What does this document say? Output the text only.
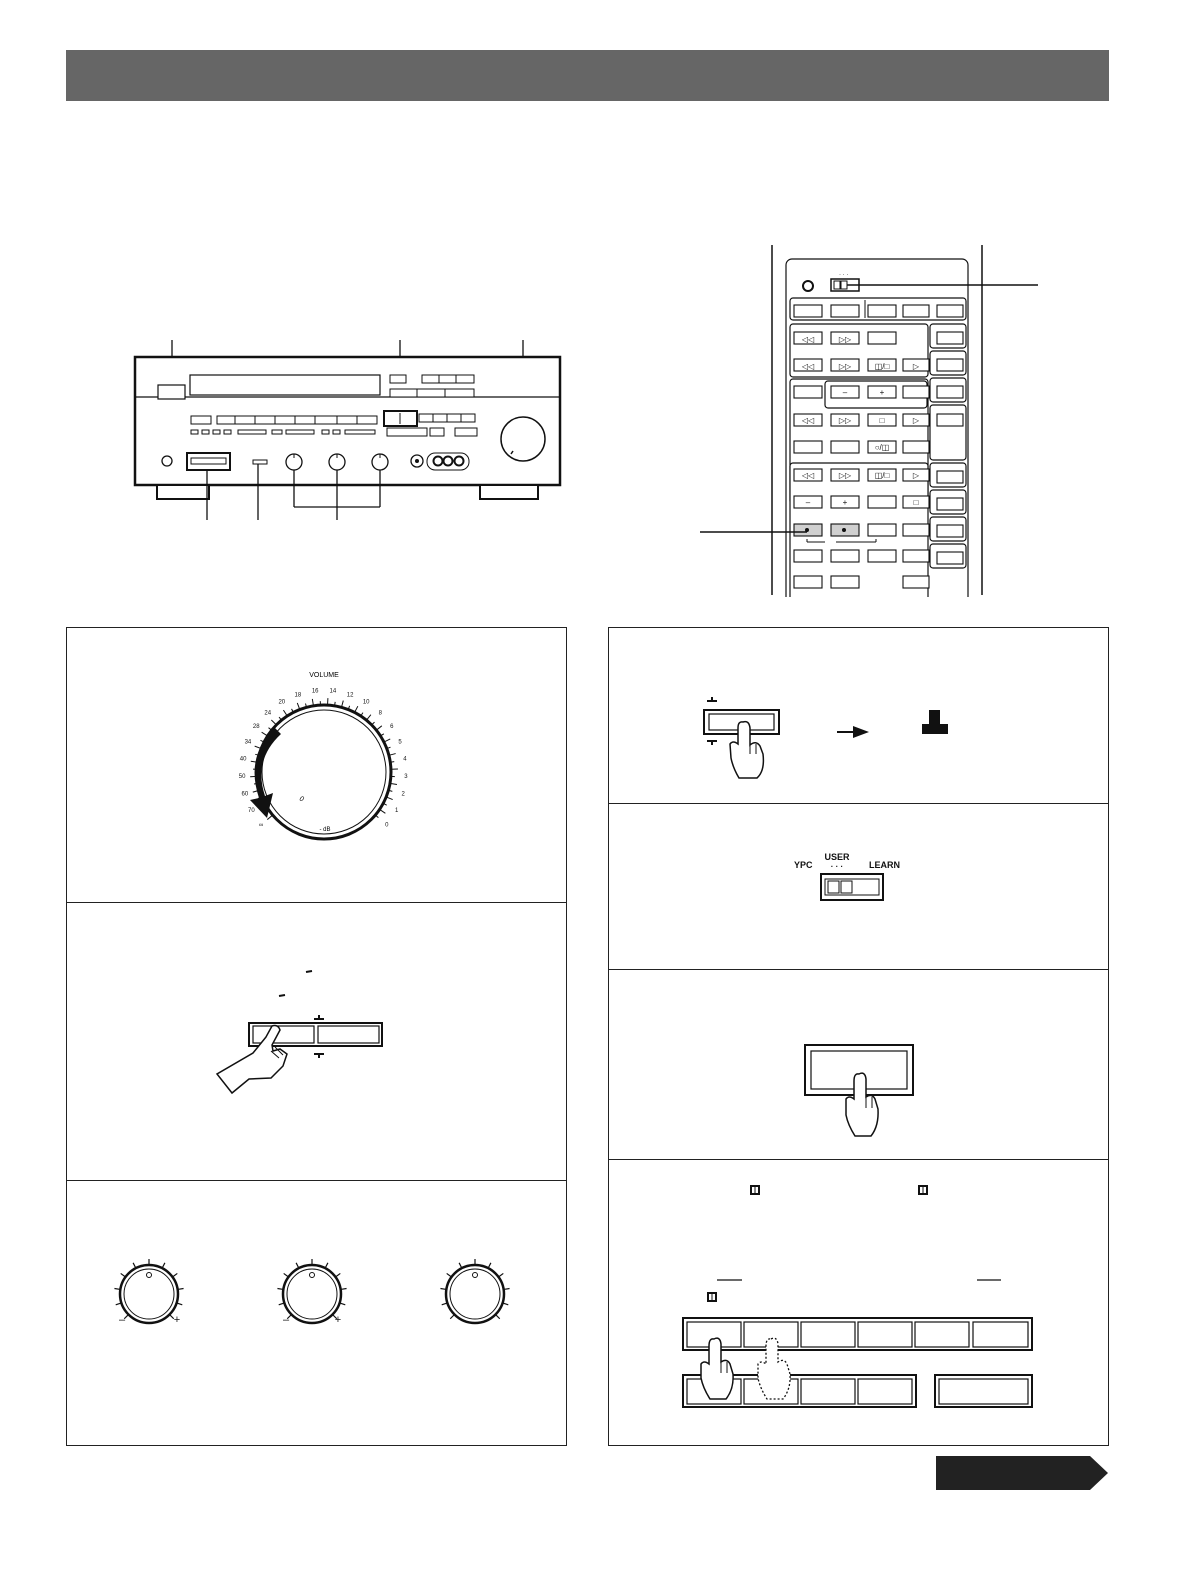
· · ·
◁◁	▷▷
◁◁	▷▷	◫/□	▷
–	+
◁◁	▷▷	□	▷
○/◫
◁◁	▷▷	◫/□	▷
–	+	□
VOLUME
∞
70
60
50
40
34
28
24
20
18
16 14
12
10
8
6
5
4
3
2
1
0
- dB
0
–	+	–	+
YPC
USER
LEARN
· · ·
